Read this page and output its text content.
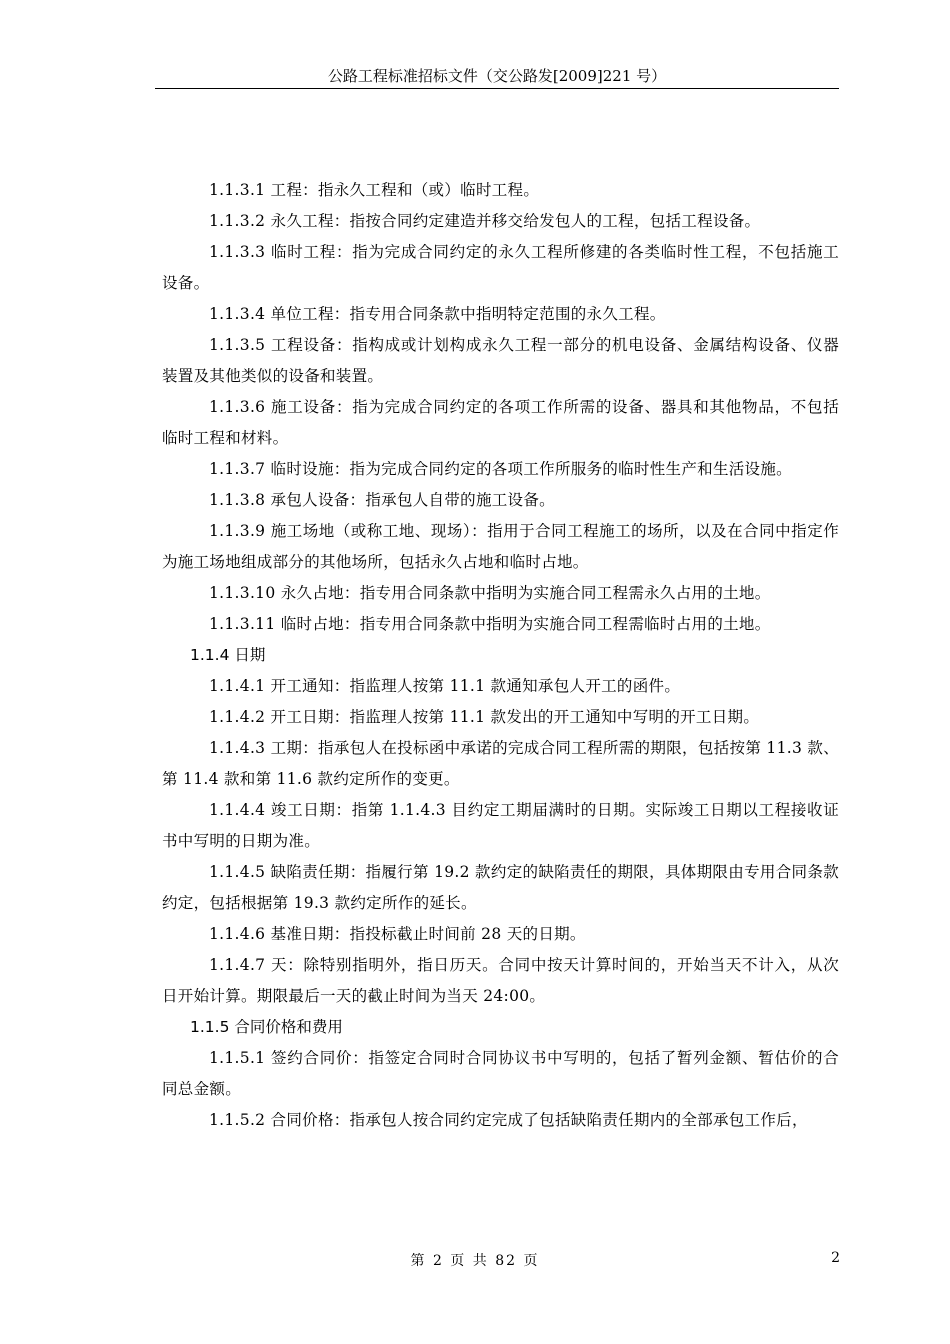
公路工程标准招标文件（交公路发[2009]221 号）

1.1.3.1 工程：指永久工程和（或）临时工程。

1.1.3.2 永久工程：指按合同约定建造并移交给发包人的工程，包括工程设备。

1.1.3.3 临时工程：指为完成合同约定的永久工程所修建的各类临时性工程，不包括施工设备。

1.1.3.4 单位工程：指专用合同条款中指明特定范围的永久工程。

1.1.3.5 工程设备：指构成或计划构成永久工程一部分的机电设备、金属结构设备、仪器装置及其他类似的设备和装置。

1.1.3.6 施工设备：指为完成合同约定的各项工作所需的设备、器具和其他物品，不包括临时工程和材料。

1.1.3.7 临时设施：指为完成合同约定的各项工作所服务的临时性生产和生活设施。

1.1.3.8 承包人设备：指承包人自带的施工设备。

1.1.3.9 施工场地（或称工地、现场）：指用于合同工程施工的场所，以及在合同中指定作为施工场地组成部分的其他场所，包括永久占地和临时占地。

1.1.3.10 永久占地：指专用合同条款中指明为实施合同工程需永久占用的土地。

1.1.3.11 临时占地：指专用合同条款中指明为实施合同工程需临时占用的土地。

1.1.4 日期

1.1.4.1 开工通知：指监理人按第 11.1 款通知承包人开工的函件。

1.1.4.2 开工日期：指监理人按第 11.1 款发出的开工通知中写明的开工日期。

1.1.4.3 工期：指承包人在投标函中承诺的完成合同工程所需的期限，包括按第 11.3 款、第 11.4 款和第 11.6 款约定所作的变更。

1.1.4.4 竣工日期：指第 1.1.4.3 目约定工期届满时的日期。实际竣工日期以工程接收证书中写明的日期为准。

1.1.4.5 缺陷责任期：指履行第 19.2 款约定的缺陷责任的期限，具体期限由专用合同条款约定，包括根据第 19.3 款约定所作的延长。

1.1.4.6 基准日期：指投标截止时间前 28 天的日期。

1.1.4.7 天：除特别指明外，指日历天。合同中按天计算时间的，开始当天不计入，从次日开始计算。期限最后一天的截止时间为当天 24:00。

1.1.5 合同价格和费用

1.1.5.1 签约合同价：指签定合同时合同协议书中写明的，包括了暂列金额、暂估价的合同总金额。

1.1.5.2 合同价格：指承包人按合同约定完成了包括缺陷责任期内的全部承包工作后，

第 2 页 共 82 页	2
